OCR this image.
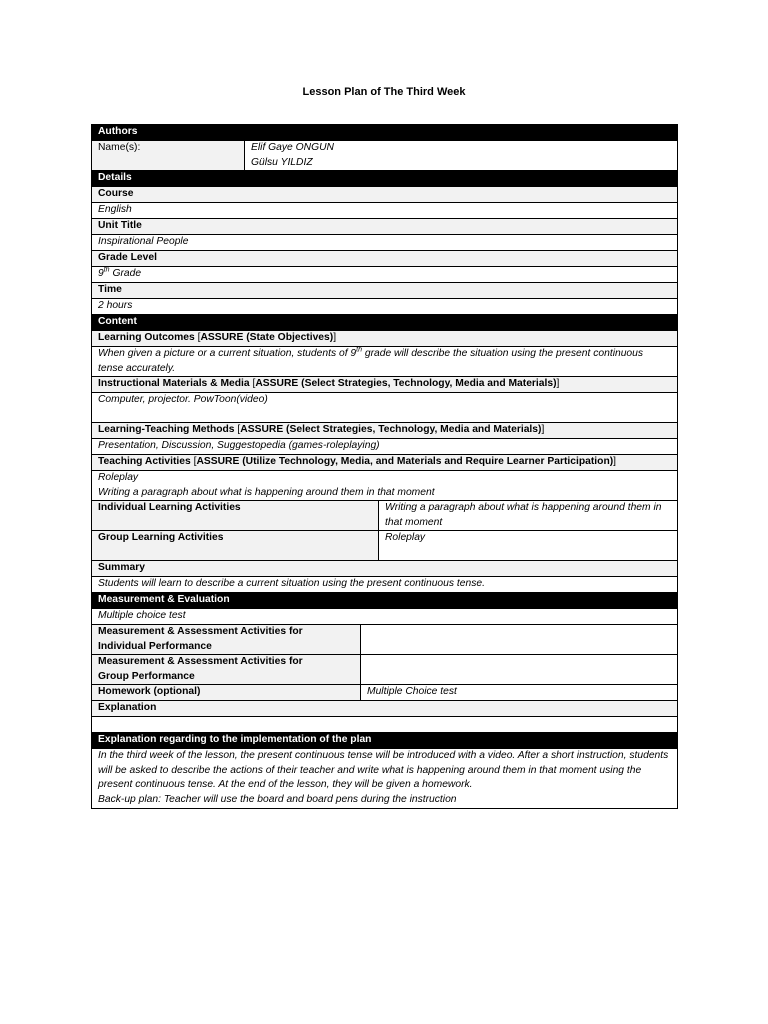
Lesson Plan of The Third Week
Authors			
Name(s):	Elif Gaye ONGUN
Gülsu YILDIZ		

Details			
Course			
English			
Unit Title			
Inspirational People			
Grade Level			
9th Grade			
Time			
2 hours			
Content			
Learning Outcomes [ASSURE (State Objectives)]			
When given a picture or a current situation, students of 9th grade will describe the situation using the present continuous tense accurately.			
Instructional Materials & Media [ASSURE (Select Strategies, Technology, Media and Materials)]			
Computer, projector. PowToon(video)			
Learning-Teaching Methods [ASSURE (Select Strategies, Technology, Media and Materials)]			
Presentation, Discussion, Suggestopedia (games-roleplaying)			
Teaching Activities [ASSURE (Utilize Technology, Media, and Materials and Require Learner Participation)]			

Roleplay
Writing a paragraph about what is happening around them in that moment			

Individual Learning Activities			Writing a paragraph about what is happening around them in that moment
Group Learning Activities			Roleplay
Summary			
Students will learn to describe a current situation using the present continuous tense.			
Measurement & Evaluation			
Multiple choice test			

Measurement & Assessment Activities for
Individual Performance			

Measurement & Assessment Activities for
Group Performance			

Homework (optional)		Multiple Choice test	
Explanation			

Explanation regarding to the implementation of the plan			

In the third week of the lesson, the present continuous tense will be introduced with a video. After a short instruction, students will be asked to describe the actions of their teacher and write what is happening around them in that moment using the present continuous tense. At the end of the lesson, they will be given a homework.
Back-up plan: Teacher will use the board and board pens during the instruction			
